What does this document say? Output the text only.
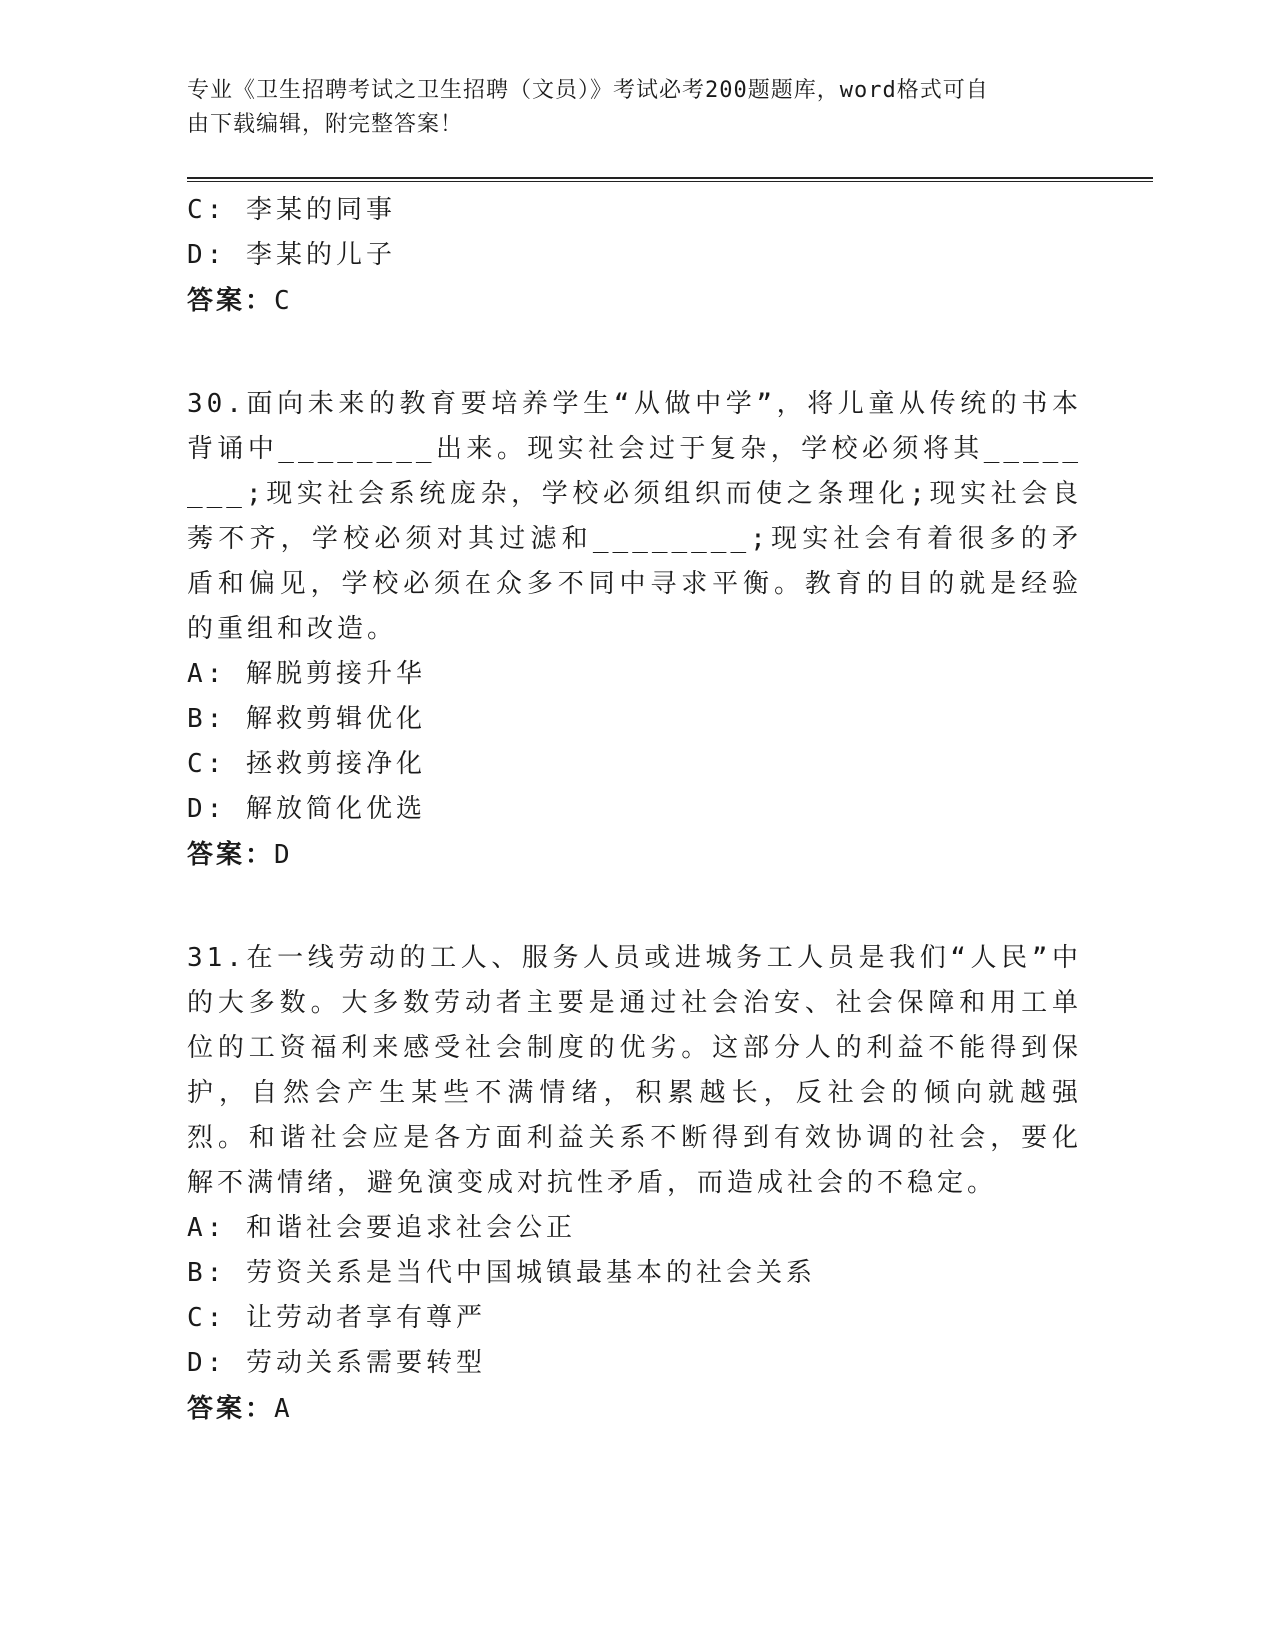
专业《卫生招聘考试之卫生招聘（文员）》考试必考200题题库，word格式可自
由下载编辑，附完整答案！
C: 李某的同事
D: 李某的儿子
答案：C
30.面向未来的教育要培养学生“从做中学”，将儿童从传统的书本背诵中________出来。现实社会过于复杂，学校必须将其________;现实社会系统庞杂，学校必须组织而使之条理化;现实社会良莠不齐，学校必须对其过滤和________;现实社会有着很多的矛盾和偏见，学校必须在众多不同中寻求平衡。教育的目的就是经验的重组和改造。
A: 解脱剪接升华
B: 解救剪辑优化
C: 拯救剪接净化
D: 解放简化优选
答案：D
31.在一线劳动的工人、服务人员或进城务工人员是我们“人民”中的大多数。大多数劳动者主要是通过社会治安、社会保障和用工单位的工资福利来感受社会制度的优劣。这部分人的利益不能得到保护，自然会产生某些不满情绪，积累越长，反社会的倾向就越强烈。和谐社会应是各方面利益关系不断得到有效协调的社会，要化解不满情绪，避免演变成对抗性矛盾，而造成社会的不稳定。
A: 和谐社会要追求社会公正
B: 劳资关系是当代中国城镇最基本的社会关系
C: 让劳动者享有尊严
D: 劳动关系需要转型
答案：A
